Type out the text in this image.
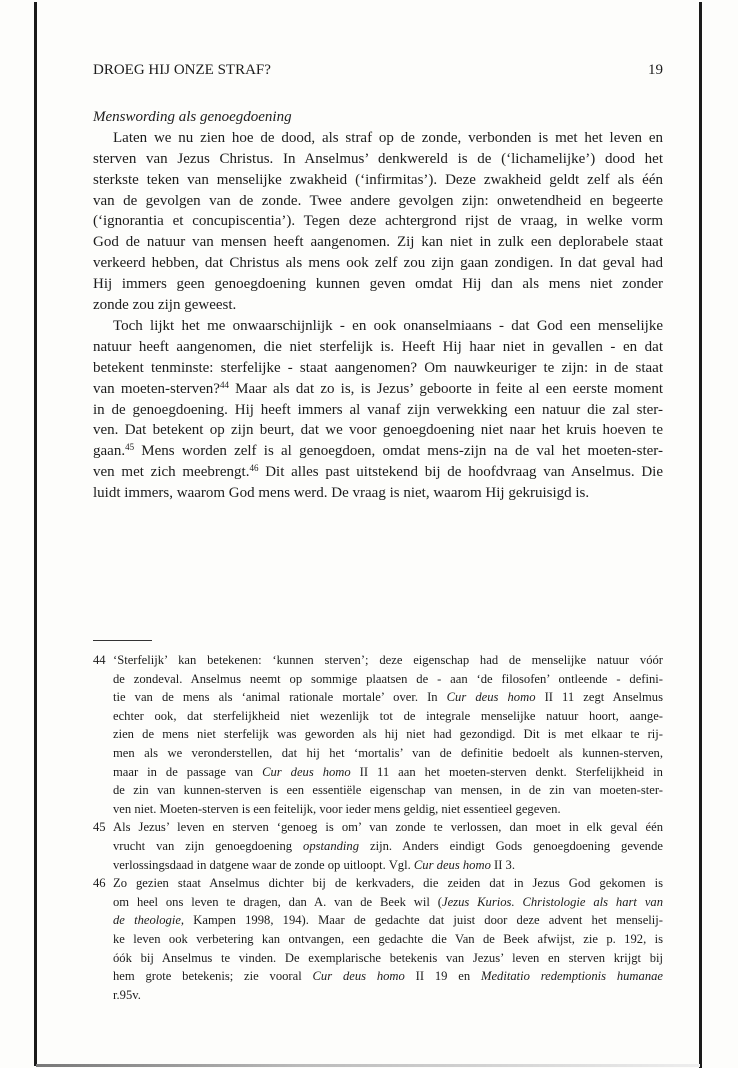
DROEG HIJ ONZE STRAF?	19
Menswording als genoegdoening
Laten we nu zien hoe de dood, als straf op de zonde, verbonden is met het leven en
sterven van Jezus Christus. In Anselmus’ denkwereld is de (‘lichamelijke’) dood het
sterkste teken van menselijke zwakheid (‘infirmitas’). Deze zwakheid geldt zelf als één
van de gevolgen van de zonde. Twee andere gevolgen zijn: onwetendheid en begeerte
(‘ignorantia et concupiscentia’). Tegen deze achtergrond rijst de vraag, in welke vorm
God de natuur van mensen heeft aangenomen. Zij kan niet in zulk een deplorabele staat
verkeerd hebben, dat Christus als mens ook zelf zou zijn gaan zondigen. In dat geval had
Hij immers geen genoegdoening kunnen geven omdat Hij dan als mens niet zonder
zonde zou zijn geweest.
Toch lijkt het me onwaarschijnlijk - en ook onanselmiaans - dat God een menselijke
natuur heeft aangenomen, die niet sterfelijk is. Heeft Hij haar niet in gevallen - en dat
betekent tenminste: sterfelijke - staat aangenomen? Om nauwkeuriger te zijn: in de staat
van moeten-sterven?$^{44}$ Maar als dat zo is, is Jezus’ geboorte in feite al een eerste moment
in de genoegdoening. Hij heeft immers al vanaf zijn verwekking een natuur die zal ster-
ven. Dat betekent op zijn beurt, dat we voor genoegdoening niet naar het kruis hoeven te
gaan.$^{45}$ Mens worden zelf is al genoegdoen, omdat mens-zijn na de val het moeten-ster-
ven met zich meebrengt.$^{46}$ Dit alles past uitstekend bij de hoofdvraag van Anselmus. Die
luidt immers, waarom God mens werd. De vraag is niet, waarom Hij gekruisigd is.
44 ‘Sterfelijk’ kan betekenen: ‘kunnen sterven’; deze eigenschap had de menselijke natuur vóór
de zondeval. Anselmus neemt op sommige plaatsen de - aan ‘de filosofen’ ontleende - defini-
tie van de mens als ‘animal rationale mortale’ over. In Cur deus homo II 11 zegt Anselmus
echter ook, dat sterfelijkheid niet wezenlijk tot de integrale menselijke natuur hoort, aange-
zien de mens niet sterfelijk was geworden als hij niet had gezondigd. Dit is met elkaar te rij-
men als we veronderstellen, dat hij het ‘mortalis’ van de definitie bedoelt als kunnen-sterven,
maar in de passage van Cur deus homo II 11 aan het moeten-sterven denkt. Sterfelijkheid in
de zin van kunnen-sterven is een essentiële eigenschap van mensen, in de zin van moeten-ster-
ven niet. Moeten-sterven is een feitelijk, voor ieder mens geldig, niet essentieel gegeven.
45 Als Jezus’ leven en sterven ‘genoeg is om’ van zonde te verlossen, dan moet in elk geval één
vrucht van zijn genoegdoening opstanding zijn. Anders eindigt Gods genoegdoening gevende
verlossingsdaad in datgene waar de zonde op uitloopt. Vgl. Cur deus homo II 3.
46 Zo gezien staat Anselmus dichter bij de kerkvaders, die zeiden dat in Jezus God gekomen is
om heel ons leven te dragen, dan A. van de Beek wil (Jezus Kurios. Christologie als hart van
de theologie, Kampen 1998, 194). Maar de gedachte dat juist door deze advent het menselij-
ke leven ook verbetering kan ontvangen, een gedachte die Van de Beek afwijst, zie p. 192, is
óók bij Anselmus te vinden. De exemplarische betekenis van Jezus’ leven en sterven krijgt bij
hem grote betekenis; zie vooral Cur deus homo II 19 en Meditatio redemptionis humanae
r.95v.
